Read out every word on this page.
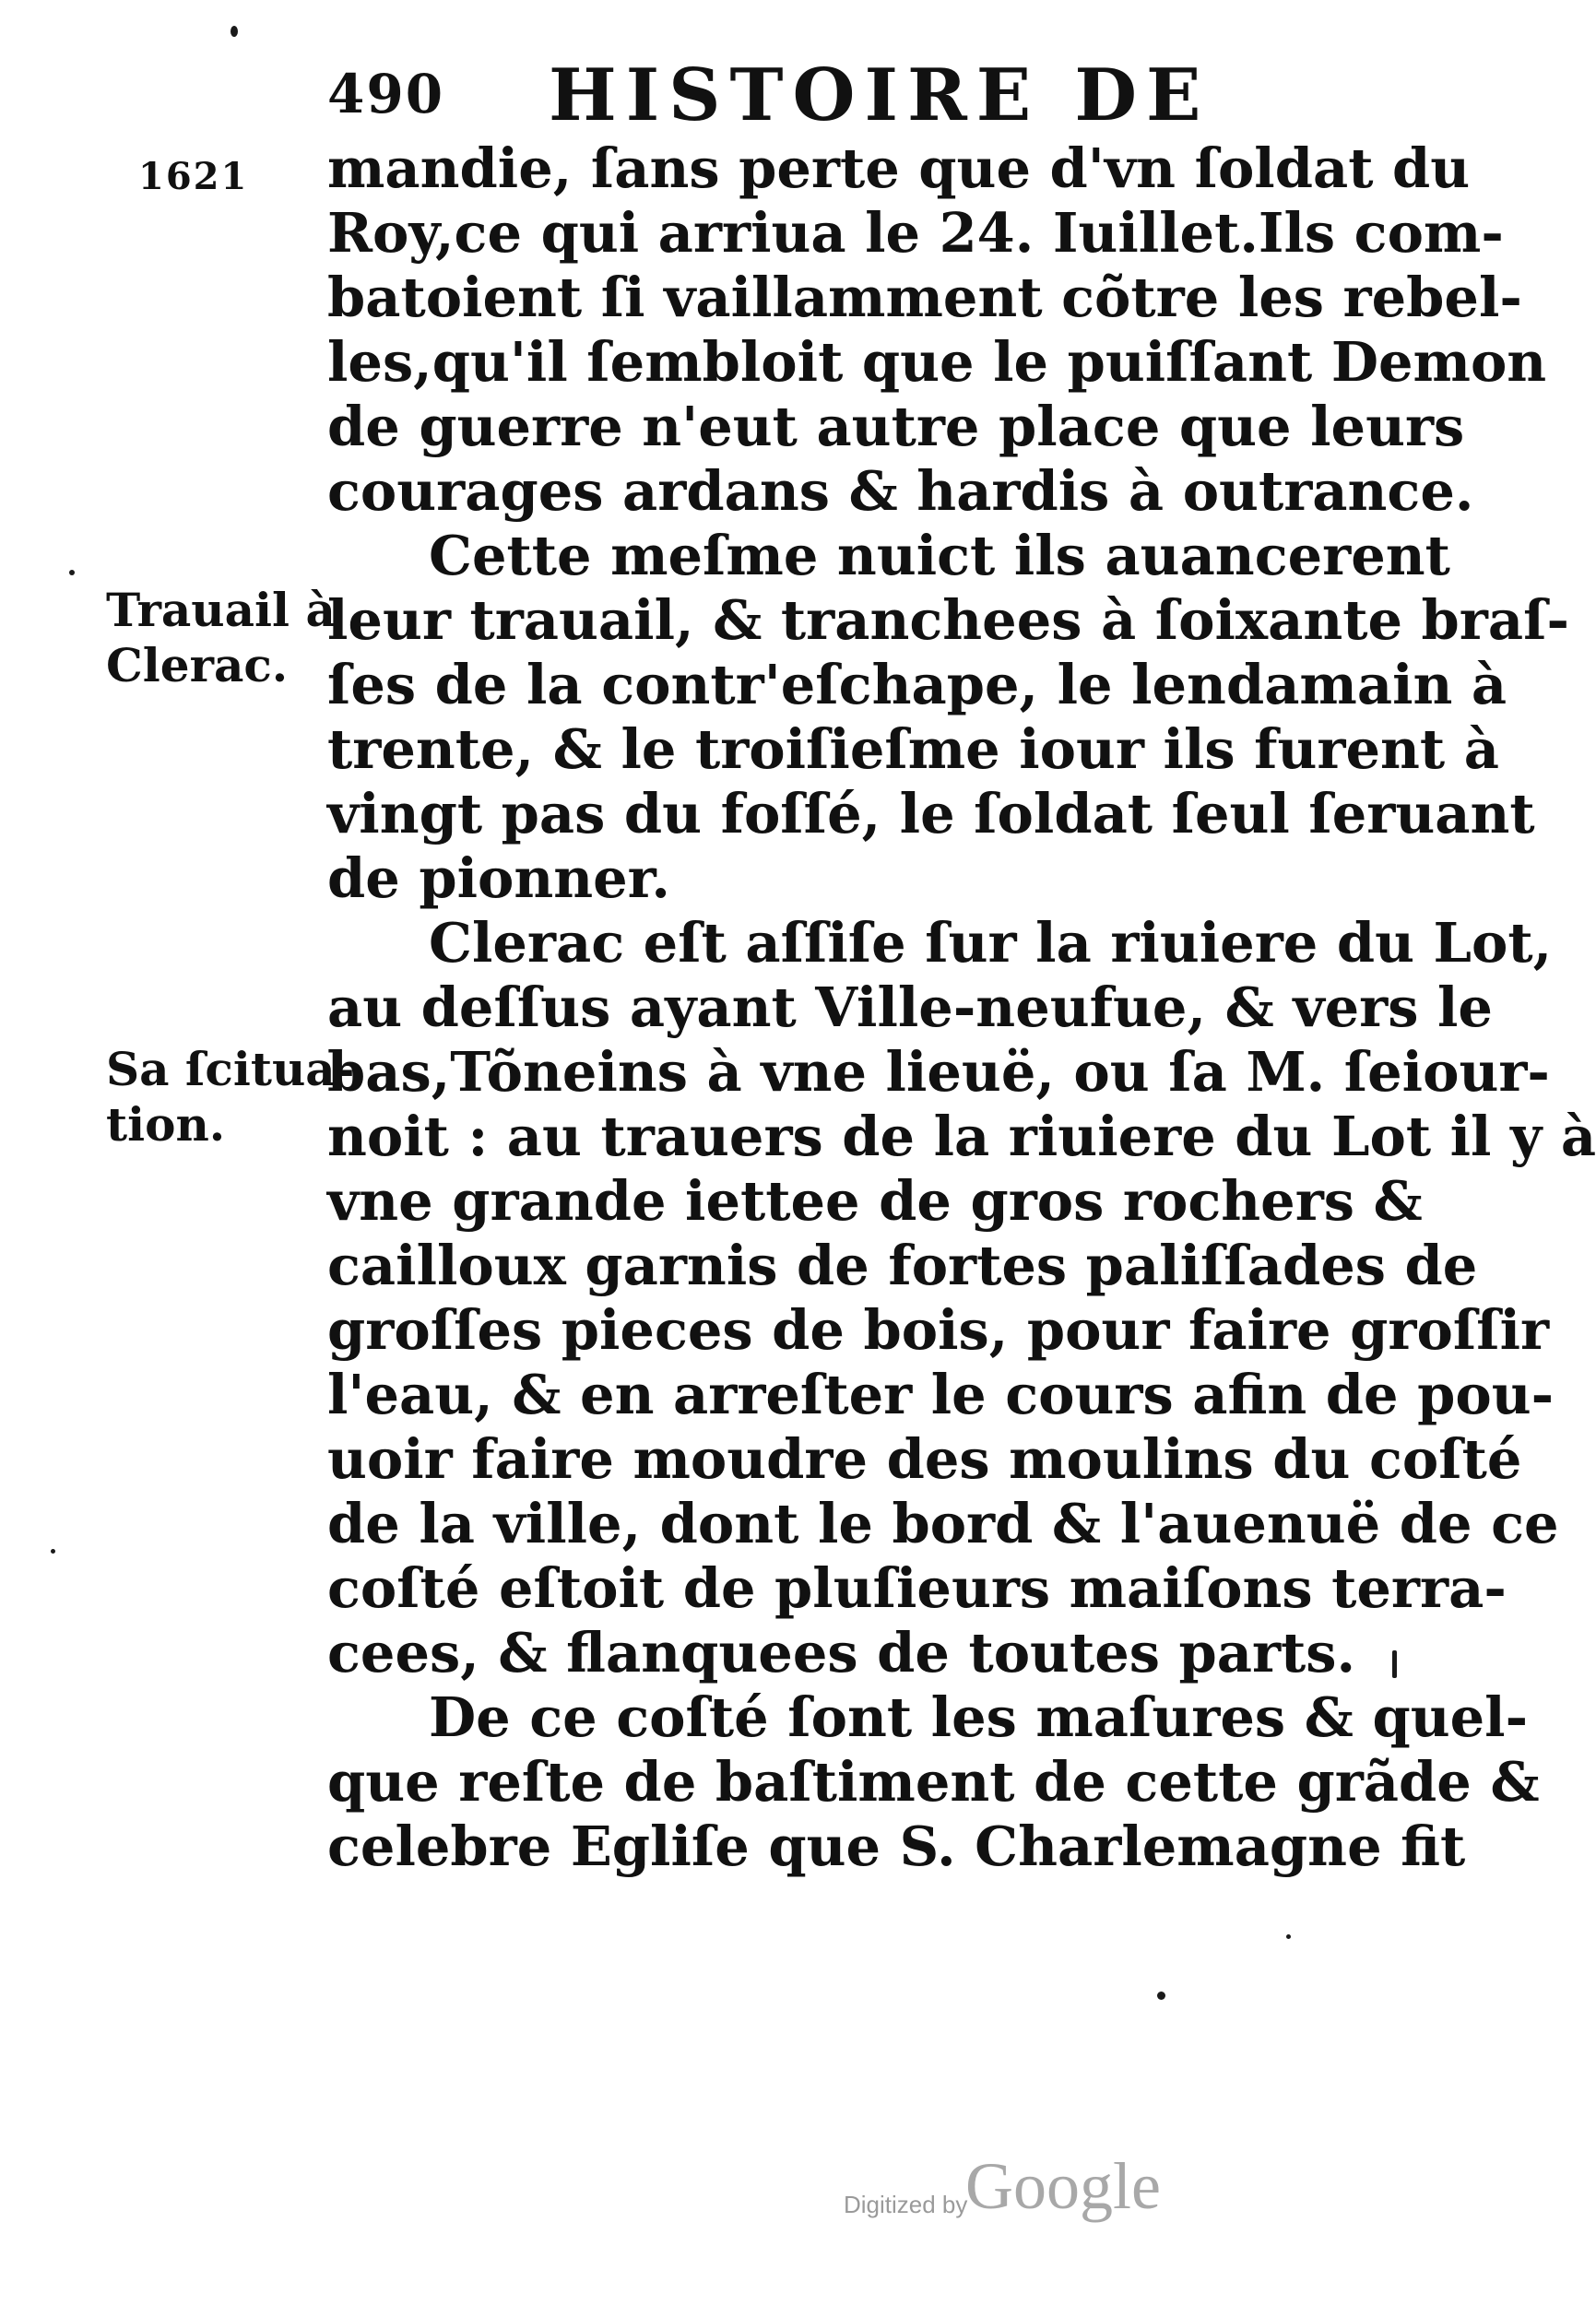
490 HISTOIRE DE
1621 mandie, ſans perte que d'vn ſoldat du
Roy,ce qui arriua le 24. Iuillet.Ils com-
batoient ſi vaillamment cõtre les rebel-
les,qu'il ſembloit que le puiſſant Demon
de guerre n'eut autre place que leurs
courages ardans & hardis à outrance.
Cette meſme nuict ils auancerent
leur trauail, & tranchees à ſoixante braſ-
ſes de la contr'eſchape, le lendamain à
trente, & le troiſieſme iour ils furent à
vingt pas du foſſé, le ſoldat ſeul ſeruant
de pionner.
Clerac eſt aſſiſe ſur la riuiere du Lot,
au deſſus ayant Ville-neufue, & vers le
bas,Tõneins à vne lieuë, ou ſa M. ſeiour-
noit : au trauers de la riuiere du Lot il y à
vne grande iettee de gros rochers &
cailloux garnis de fortes paliſſades de
groſſes pieces de bois, pour faire groſſir
l'eau, & en arreſter le cours afin de pou-
uoir faire moudre des moulins du coſté
de la ville, dont le bord & l'auenuë de ce
coſté eſtoit de pluſieurs maiſons terra-
cees, & flanquees de toutes parts.
De ce coſté ſont les maſures & quel-
que reſte de baſtiment de cette grãde &
celebre Egliſe que S. Charlemagne fit
Trauail à
Clerac.
Sa ſcitua-
tion.
Digitized by
Google
